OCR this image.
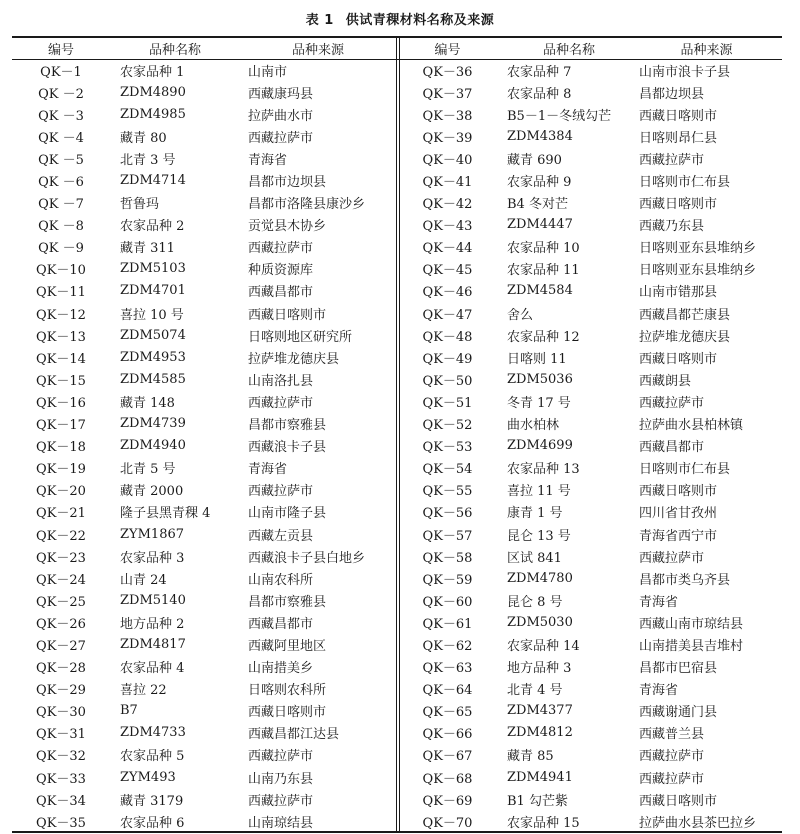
表 1 供试青稞材料名称及来源
编号	品种名称	品种来源
QK－1	农家品种 1	山南市
QK －2	ZDM4890	西藏康玛县
QK －3	ZDM4985	拉萨曲水市
QK －4	藏青 80	西藏拉萨市
QK －5	北青 3 号	青海省
QK －6	ZDM4714	昌都市边坝县
QK －7	哲鲁玛	昌都市洛隆县康沙乡
QK －8	农家品种 2	贡觉县木协乡
QK －9	藏青 311	西藏拉萨市
QK－10	ZDM5103	种质资源库
QK－11	ZDM4701	西藏昌都市
QK－12	喜拉 10 号	西藏日喀则市
QK－13	ZDM5074	日喀则地区研究所
QK－14	ZDM4953	拉萨堆龙德庆县
QK－15	ZDM4585	山南洛扎县
QK－16	藏青 148	西藏拉萨市
QK－17	ZDM4739	昌都市察雅县
QK－18	ZDM4940	西藏浪卡子县
QK－19	北青 5 号	青海省
QK－20	藏青 2000	西藏拉萨市
QK－21	隆子县黑青稞 4	山南市隆子县
QK－22	ZYM1867	西藏左贡县
QK－23	农家品种 3	西藏浪卡子县白地乡
QK－24	山青 24	山南农科所
QK－25	ZDM5140	昌都市察雅县
QK－26	地方品种 2	西藏昌都市
QK－27	ZDM4817	西藏阿里地区
QK－28	农家品种 4	山南措美乡
QK－29	喜拉 22	日喀则农科所
QK－30	B7	西藏日喀则市
QK－31	ZDM4733	西藏昌都江达县
QK－32	农家品种 5	西藏拉萨市
QK－33	ZYM493	山南乃东县
QK－34	藏青 3179	西藏拉萨市
QK－35	农家品种 6	山南琼结县
编号	品种名称	品种来源
QK－36	农家品种 7	山南市浪卡子县
QK－37	农家品种 8	昌都边坝县
QK－38	B5－1－冬绒勾芒	西藏日喀则市
QK－39	ZDM4384	日喀则昂仁县
QK－40	藏青 690	西藏拉萨市
QK－41	农家品种 9	日喀则市仁布县
QK－42	B4 冬对芒	西藏日喀则市
QK－43	ZDM4447	西藏乃东县
QK－44	农家品种 10	日喀则亚东县堆纳乡
QK－45	农家品种 11	日喀则亚东县堆纳乡
QK－46	ZDM4584	山南市错那县
QK－47	舍么	西藏昌都芒康县
QK－48	农家品种 12	拉萨堆龙德庆县
QK－49	日喀则 11	西藏日喀则市
QK－50	ZDM5036	西藏朗县
QK－51	冬青 17 号	西藏拉萨市
QK－52	曲水柏林	拉萨曲水县柏林镇
QK－53	ZDM4699	西藏昌都市
QK－54	农家品种 13	日喀则市仁布县
QK－55	喜拉 11 号	西藏日喀则市
QK－56	康青 1 号	四川省甘孜州
QK－57	昆仑 13 号	青海省西宁市
QK－58	区试 841	西藏拉萨市
QK－59	ZDM4780	昌都市类乌齐县
QK－60	昆仑 8 号	青海省
QK－61	ZDM5030	西藏山南市琼结县
QK－62	农家品种 14	山南措美县吉堆村
QK－63	地方品种 3	昌都市巴宿县
QK－64	北青 4 号	青海省
QK－65	ZDM4377	西藏谢通门县
QK－66	ZDM4812	西藏普兰县
QK－67	藏青 85	西藏拉萨市
QK－68	ZDM4941	西藏拉萨市
QK－69	B1 勾芒紫	西藏日喀则市
QK－70	农家品种 15	拉萨曲水县茶巴拉乡
